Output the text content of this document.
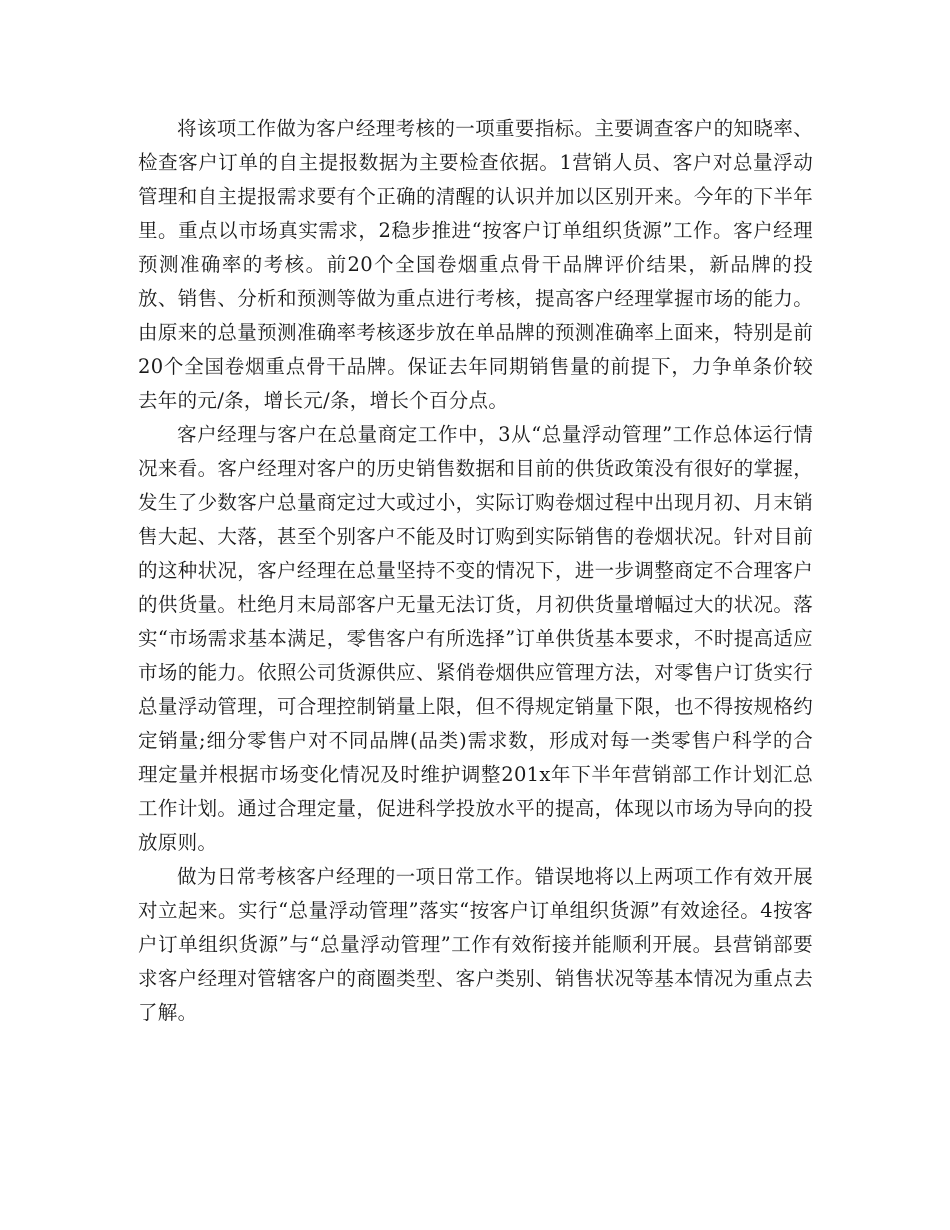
将该项工作做为客户经理考核的一项重要指标。主要调查客户的知晓率、检查客户订单的自主提报数据为主要检查依据。1营销人员、客户对总量浮动管理和自主提报需求要有个正确的清醒的认识并加以区别开来。今年的下半年里。重点以市场真实需求，2稳步推进“按客户订单组织货源”工作。客户经理预测准确率的考核。前20个全国卷烟重点骨干品牌评价结果，新品牌的投放、销售、分析和预测等做为重点进行考核，提高客户经理掌握市场的能力。由原来的总量预测准确率考核逐步放在单品牌的预测准确率上面来，特别是前20个全国卷烟重点骨干品牌。保证去年同期销售量的前提下，力争单条价较去年的元/条，增长元/条，增长个百分点。

客户经理与客户在总量商定工作中，3从“总量浮动管理”工作总体运行情况来看。客户经理对客户的历史销售数据和目前的供货政策没有很好的掌握，发生了少数客户总量商定过大或过小，实际订购卷烟过程中出现月初、月末销售大起、大落，甚至个别客户不能及时订购到实际销售的卷烟状况。针对目前的这种状况，客户经理在总量坚持不变的情况下，进一步调整商定不合理客户的供货量。杜绝月末局部客户无量无法订货，月初供货量增幅过大的状况。落实“市场需求基本满足，零售客户有所选择”订单供货基本要求，不时提高适应市场的能力。依照公司货源供应、紧俏卷烟供应管理方法，对零售户订货实行总量浮动管理，可合理控制销量上限，但不得规定销量下限，也不得按规格约定销量;细分零售户对不同品牌(品类)需求数，形成对每一类零售户科学的合理定量并根据市场变化情况及时维护调整201x年下半年营销部工作计划汇总工作计划。通过合理定量，促进科学投放水平的提高，体现以市场为导向的投放原则。

做为日常考核客户经理的一项日常工作。错误地将以上两项工作有效开展对立起来。实行“总量浮动管理”落实“按客户订单组织货源”有效途径。4按客户订单组织货源”与“总量浮动管理”工作有效衔接并能顺利开展。县营销部要求客户经理对管辖客户的商圈类型、客户类别、销售状况等基本情况为重点去了解。
